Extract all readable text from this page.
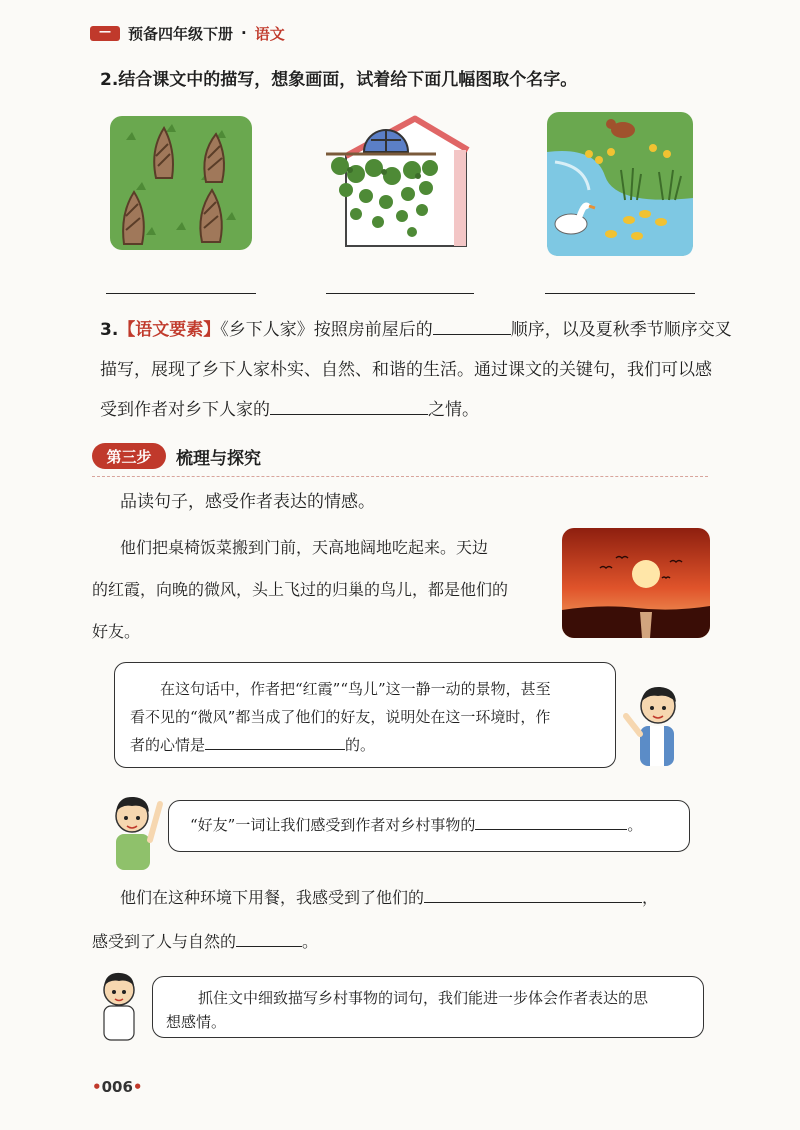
━━	预备四年级下册 · 语文
2.结合课文中的描写，想象画面，试着给下面几幅图取个名字。
3.【语文要素】《乡下人家》按照房前屋后的	顺序，以及夏秋季节顺序交叉
描写，展现了乡下人家朴实、自然、和谐的生活。通过课文的关键句，我们可以感
受到作者对乡下人家的	之情。
第三步	梳理与探究
品读句子，感受作者表达的情感。
他们把桌椅饭菜搬到门前，天高地阔地吃起来。天边
的红霞，向晚的微风，头上飞过的归巢的鸟儿，都是他们的
好友。
在这句话中，作者把“红霞”“鸟儿”这一静一动的景物，甚至
看不见的“微风”都当成了他们的好友，说明处在这一环境时，作
者的心情是	的。
“好友”一词让我们感受到作者对乡村事物的	。
他们在这种环境下用餐，我感受到了他们的	，
感受到了人与自然的	。
抓住文中细致描写乡村事物的词句，我们能进一步体会作者表达的思
想感情。
•006•
